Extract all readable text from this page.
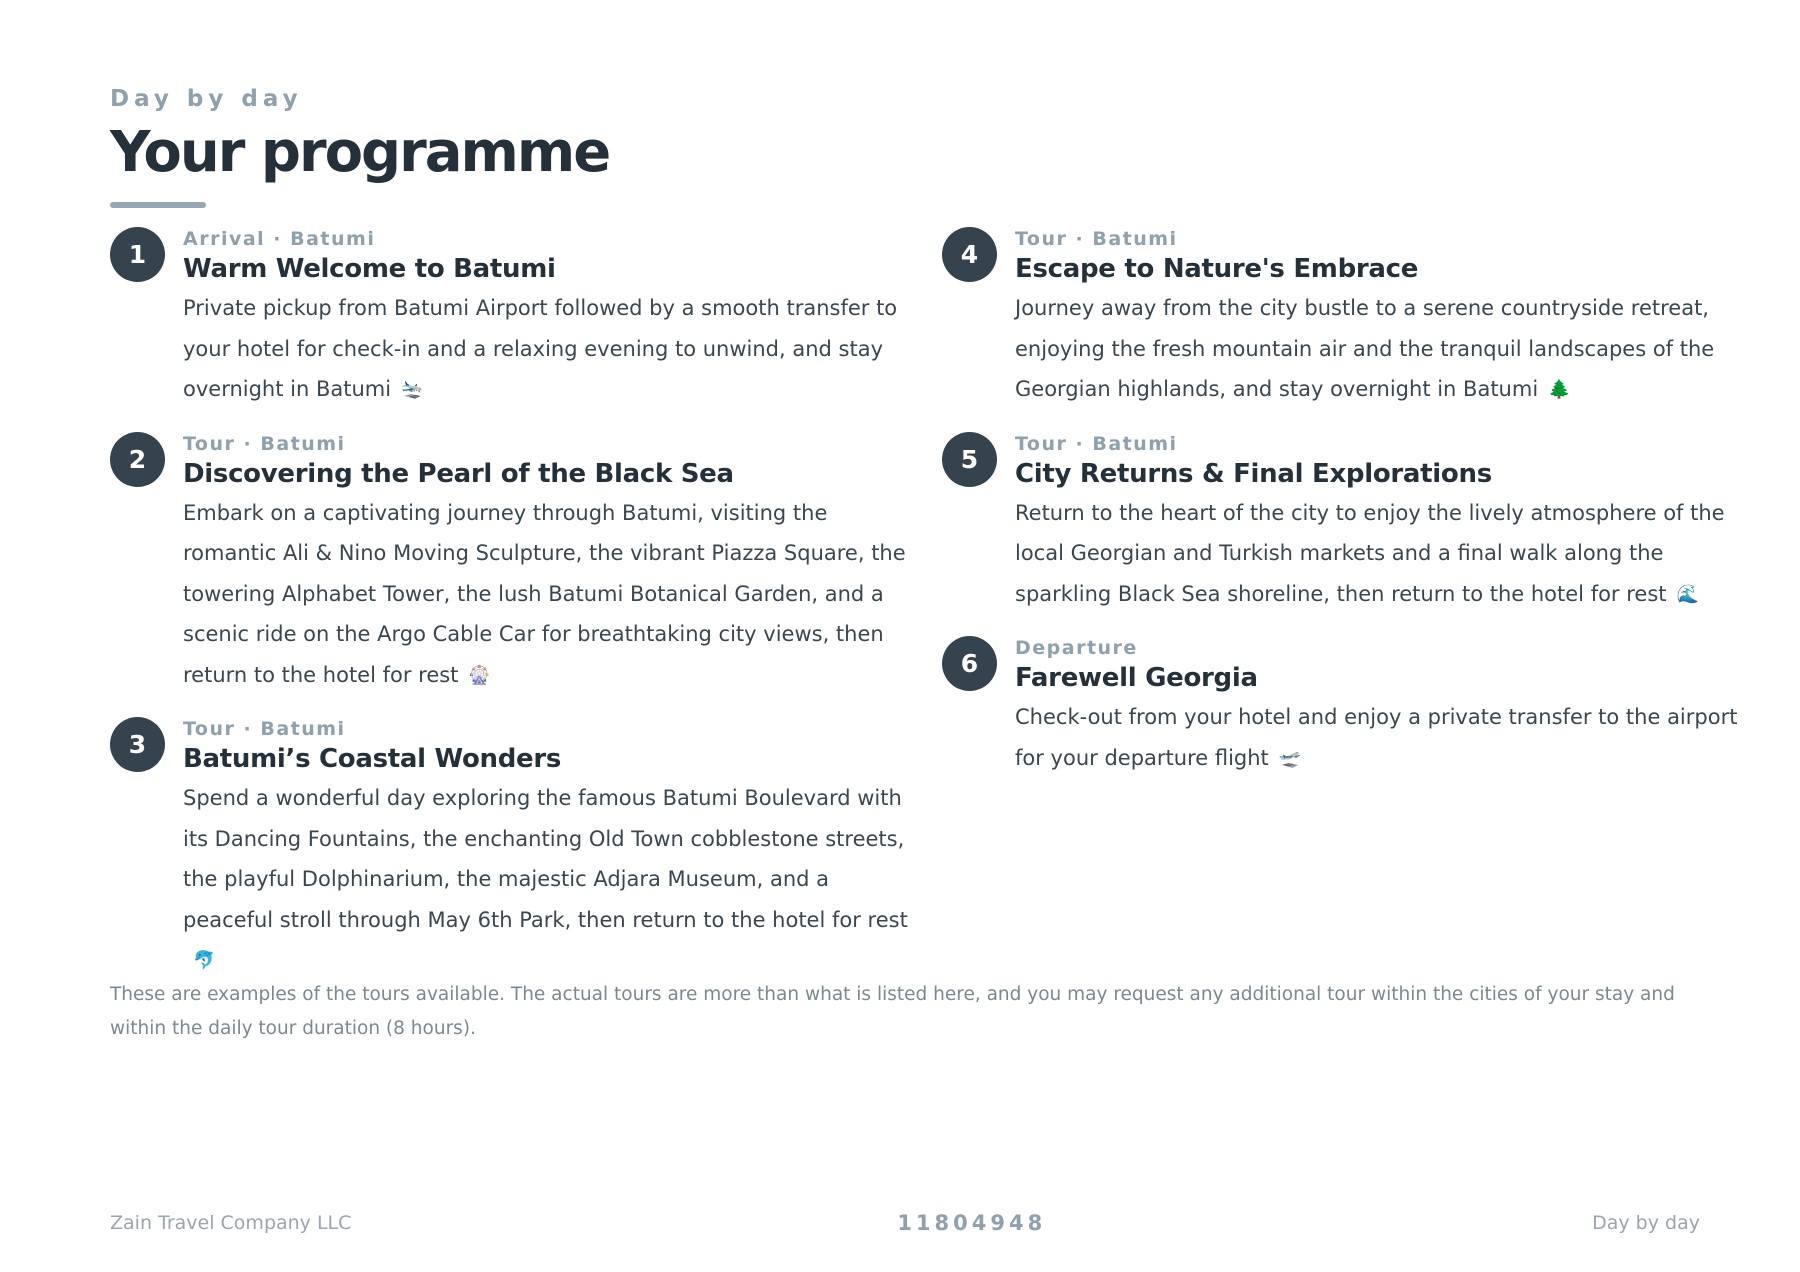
Day by day
Your programme
1
Arrival · Batumi
Warm Welcome to Batumi
Private pickup from Batumi Airport followed by a smooth transfer to your hotel for check-in and a relaxing evening to unwind, and stay overnight in Batumi 🛬
2
Tour · Batumi
Discovering the Pearl of the Black Sea
Embark on a captivating journey through Batumi, visiting the romantic Ali & Nino Moving Sculpture, the vibrant Piazza Square, the towering Alphabet Tower, the lush Batumi Botanical Garden, and a scenic ride on the Argo Cable Car for breathtaking city views, then return to the hotel for rest 🎡
3
Tour · Batumi
Batumi’s Coastal Wonders
Spend a wonderful day exploring the famous Batumi Boulevard with its Dancing Fountains, the enchanting Old Town cobblestone streets, the playful Dolphinarium, the majestic Adjara Museum, and a peaceful stroll through May 6th Park, then return to the hotel for rest🐬
4
Tour · Batumi
Escape to Nature's Embrace
Journey away from the city bustle to a serene countryside retreat, enjoying the fresh mountain air and the tranquil landscapes of the Georgian highlands, and stay overnight in Batumi 🌲
5
Tour · Batumi
City Returns & Final Explorations
Return to the heart of the city to enjoy the lively atmosphere of the local Georgian and Turkish markets and a final walk along the sparkling Black Sea shoreline, then return to the hotel for rest 🌊
6
Departure
Farewell Georgia
Check-out from your hotel and enjoy a private transfer to the airport for your departure flight 🛫
These are examples of the tours available. The actual tours are more than what is listed here, and you may request any additional tour within the cities of your stay and within the daily tour duration (8 hours).
Zain Travel Company LLC	11804948	Day by day
